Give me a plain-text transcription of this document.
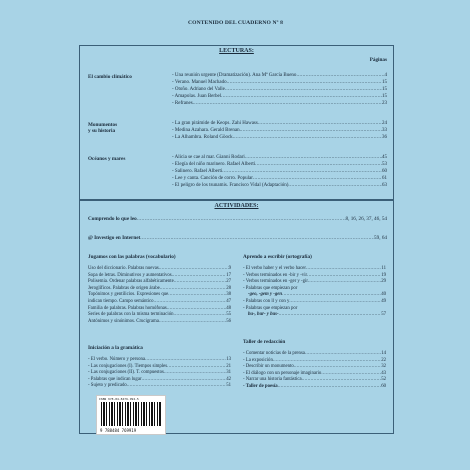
CONTENIDO DEL CUADERNO Nº 8
LECTURAS:
Páginas
El cambio climático	- Una reunión urgente (Dramatización). Ana Mª García Bueno .....	4
- Verano. Manuel Machado .....	15
- Otoño. Adriano del Valle .....	15
- Amapolas. Juan Berbel .....	15
- Refranes .....	23
Monumentos
y su historia
- La gran pirámide de Keops. Zahi Hawass .....	24
- Medina Azahara. Gerald Brenan .....	33
- La Alhambra. Roland Göock .....	36
Océanos y mares	- Alicia se cae al mar. Gianni Rodari .....	45
- Elegía del niño marinero. Rafael Alberti .....	53
- Salinero. Rafael Alberti .....	60
- Lee y canta. Canción de corro. Popular .....	61
- El peligro de los tsunamis. Francisco Vidal (Adaptación) .....	63
ACTIVIDADES:
Comprendo lo que leo .....	8, 16, 26, 37, 46, 54
@ Investigo en Internet .....	59, 64
Jugamos con las palabras (vocabulario)
Uso del diccionario. Palabras nuevas .....	9
Sopa de letras. Diminutivos y aumentativos .....	17
Polisemia. Ordenar palabras alfabéticamente .....	27
Jeroglíficos. Palabras de origen árabe .....	28
Topónimos y gentilicios. Expresiones que .....	38
indican tiempo. Campo semántico .....	47
Familia de palabras. Palabras homófonas .....	48
Series de palabras con la misma terminación .....	55
Antónimos y sinónimos. Crucigrama .....	56
Iniciación a la gramática
- El verbo. Número y persona .....	13
- Las conjugaciones (I). Tiempos simples .....	21
- Las conjugaciones (II). T. compuestos .....	31
- Palabras que indican lugar .....	42
- Sujeto y predicado .....	51
Aprendo a escribir (ortografía)
- El verbo haber y el verbo hacer .....	11
- Verbos terminados en -bir y -vir .....	19
- Verbos terminados en -ger y -gir .....	29
- Palabras que empiezan por
-geo, -gem y -gen .....	40
- Palabras con ll y con y .....	49
- Palabras que empiezan por
bu-, bur- y bus- .....	57
Taller de redacción
- Comentar noticias de la prensa .....	14
- La exposición .....	22
- Describir un monumento .....	32
- El diálogo con un personaje imaginario .....	43
- Narrar una historia fantástica .....	52
- Taller de poesía .....	60
ISBN 978-84-8476-992-5
9 788484 769919
